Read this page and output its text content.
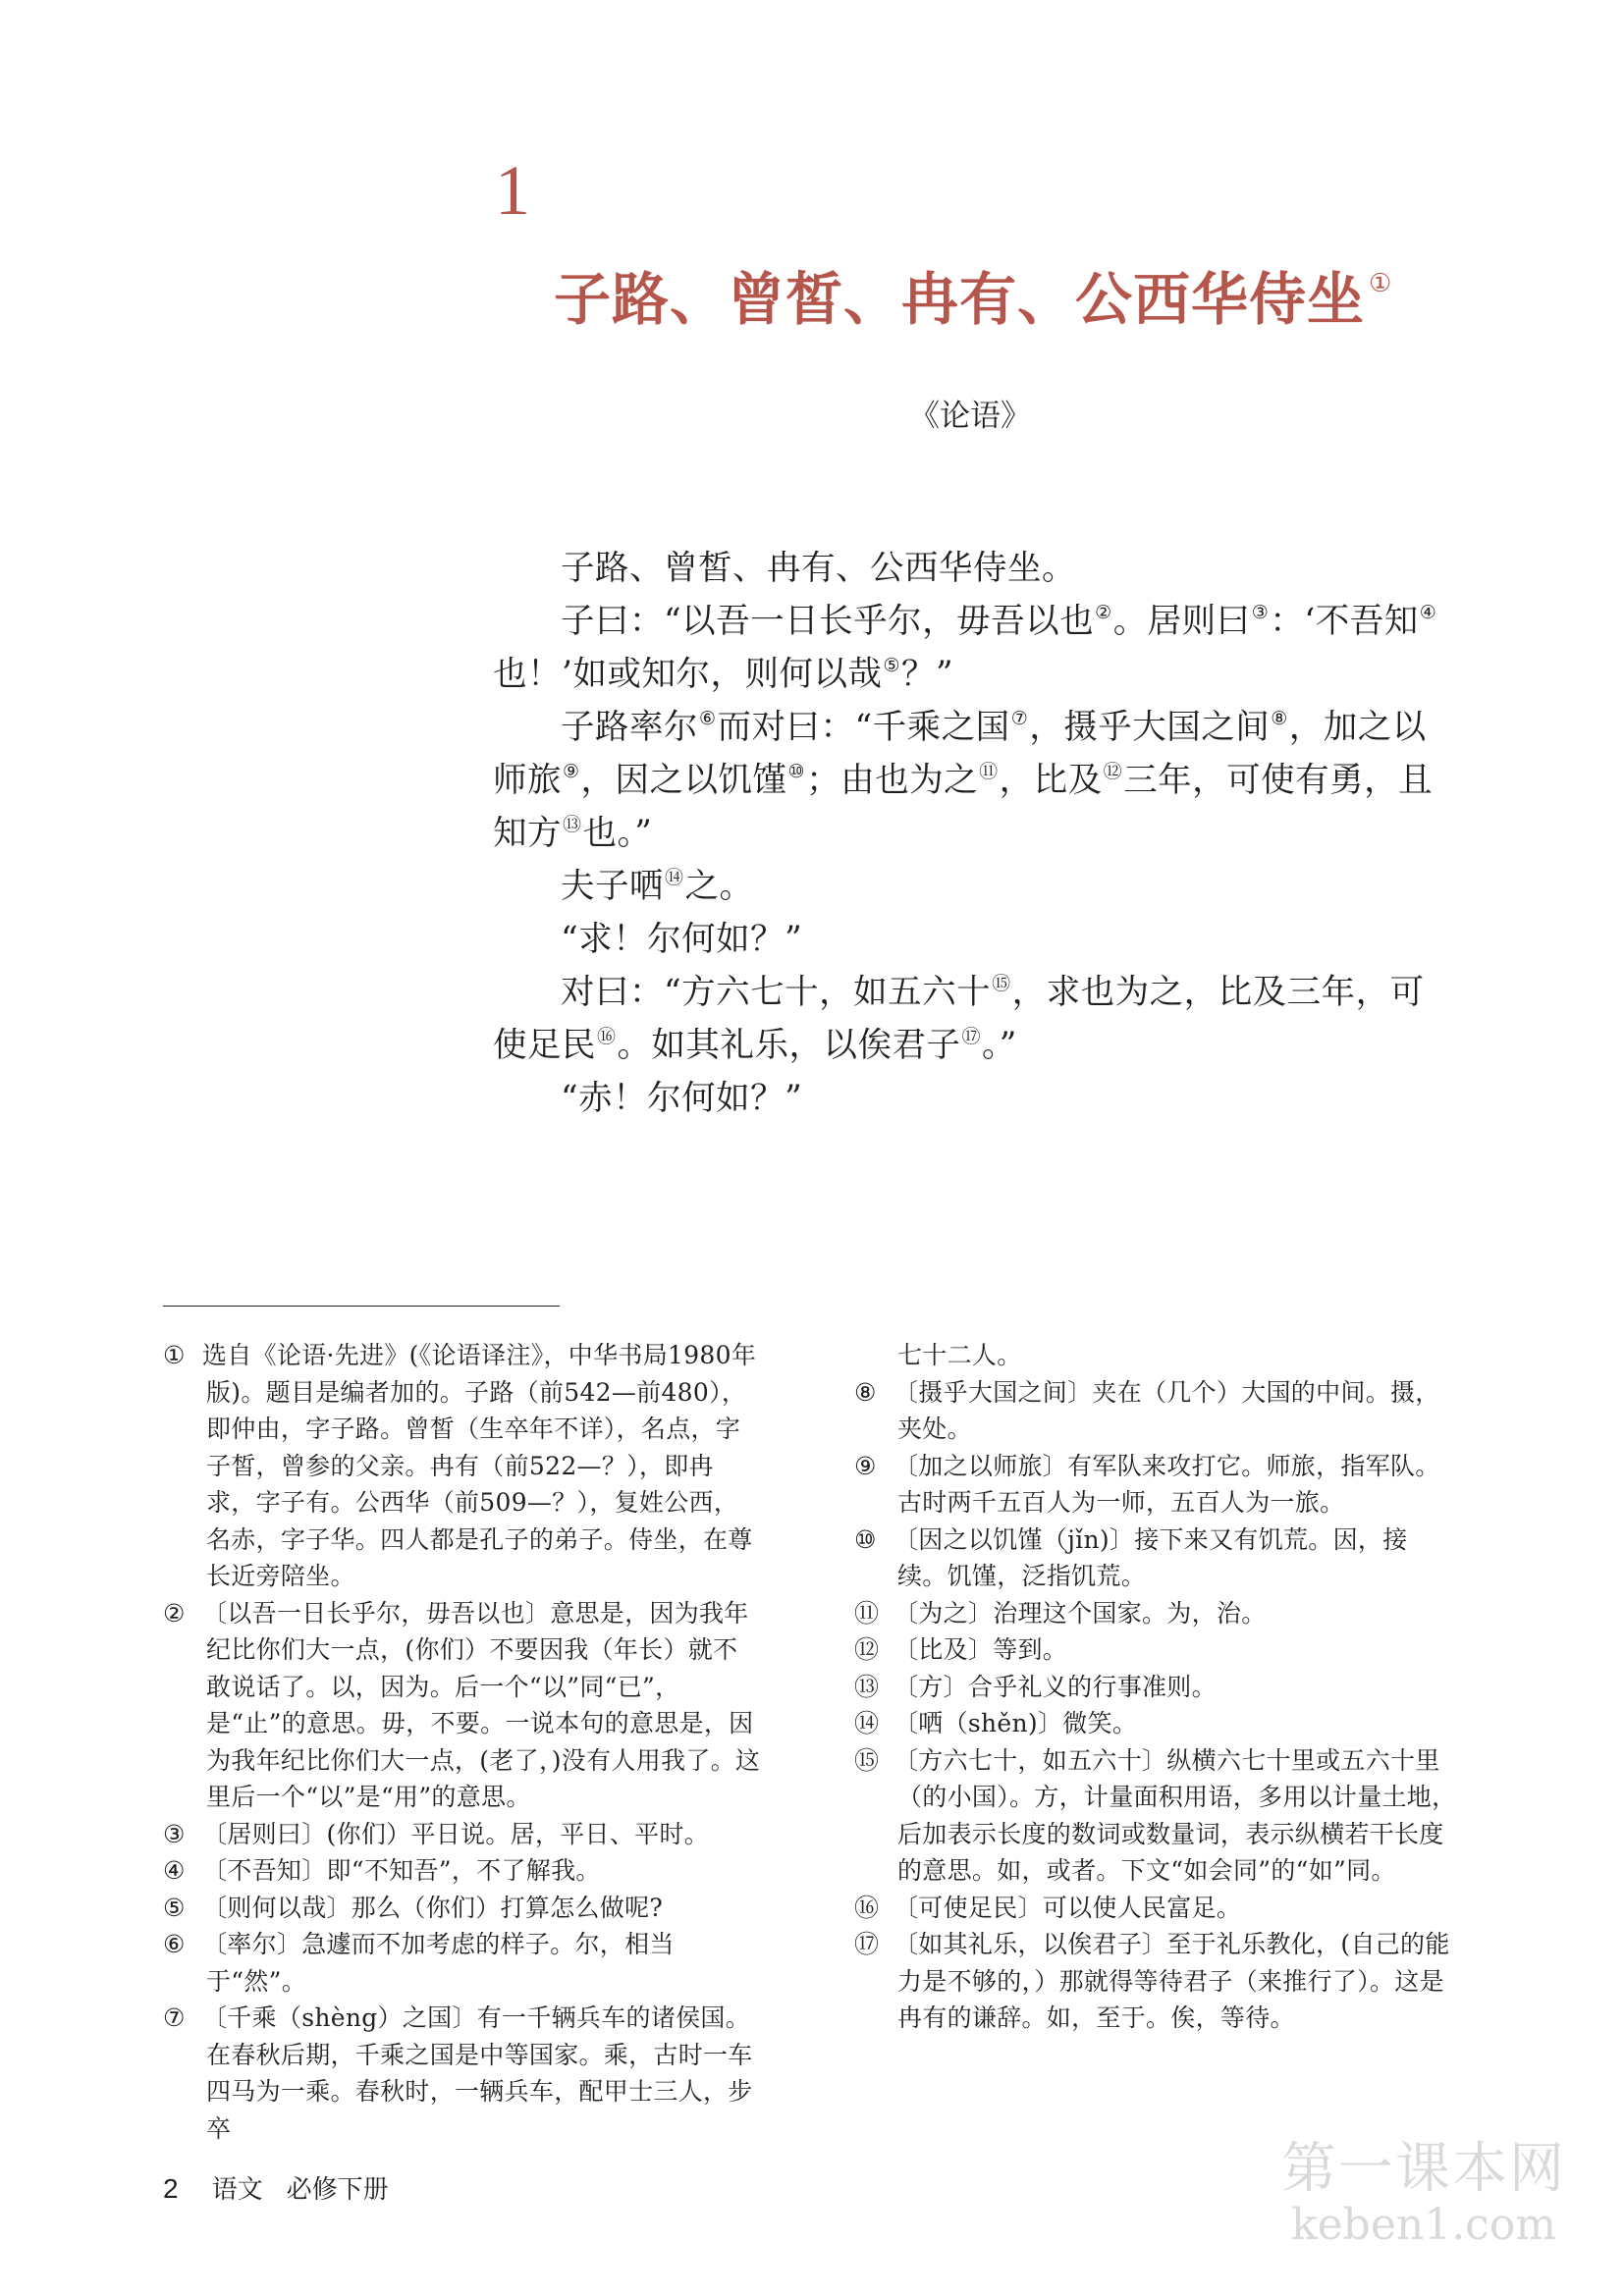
1
子路、曾皙、冉有、公西华侍坐 ①
《论语》

子路、曾皙、冉有、公西华侍坐。

子曰：“以吾一日长乎尔，毋吾以也②。居则曰③：‘不吾知④也！’如或知尔，则何以哉⑤？”

子路率尔⑥而对曰：“千乘之国⑦，摄乎大国之间⑧，加之以师旅⑨，因之以饥馑⑩；由也为之⑪，比及⑫三年，可使有勇，且知方⑬也。”

夫子哂⑭之。

“求！尔何如？”

对曰：“方六七十，如五六十⑮，求也为之，比及三年，可使足民⑯。如其礼乐，以俟君子⑰。”

“赤！尔何如？”

① 选自《论语·先进》(《论语译注》，中华书局1980年版)。题目是编者加的。子路（前542—前480），即仲由，字子路。曾皙（生卒年不详），名点，字子皙，曾参的父亲。冉有（前522—？），即冉求，字子有。公西华（前509—？），复姓公西，名赤，字子华。四人都是孔子的弟子。侍坐，在尊长近旁陪坐。

② 〔以吾一日长乎尔，毋吾以也〕意思是，因为我年纪比你们大一点，(你们）不要因我（年长）就不敢说话了。以，因为。后一个“以”同“已”，是“止”的意思。毋，不要。一说本句的意思是，因为我年纪比你们大一点，(老了，)没有人用我了。这里后一个“以”是“用”的意思。

③ 〔居则曰〕(你们）平日说。居，平日、平时。

④ 〔不吾知〕即“不知吾”，不了解我。

⑤ 〔则何以哉〕那么（你们）打算怎么做呢?

⑥ 〔率尔〕急遽而不加考虑的样子。尔，相当于“然”。

⑦ 〔千乘（shèng）之国〕有一千辆兵车的诸侯国。在春秋后期，千乘之国是中等国家。乘，古时一车四马为一乘。春秋时，一辆兵车，配甲士三人，步卒

七十二人。

⑧ 〔摄乎大国之间〕夹在（几个）大国的中间。摄，夹处。

⑨ 〔加之以师旅〕有军队来攻打它。师旅，指军队。古时两千五百人为一师，五百人为一旅。

⑩ 〔因之以饥馑（jǐn)〕接下来又有饥荒。因，接续。饥馑，泛指饥荒。

⑪ 〔为之〕治理这个国家。为，治。

⑫ 〔比及〕等到。

⑬ 〔方〕合乎礼义的行事准则。

⑭ 〔哂（shěn)〕微笑。

⑮ 〔方六七十，如五六十〕纵横六七十里或五六十里（的小国）。方，计量面积用语，多用以计量土地，后加表示长度的数词或数量词，表示纵横若干长度的意思。如，或者。下文“如会同”的“如”同。

⑯ 〔可使足民〕可以使人民富足。

⑰ 〔如其礼乐，以俟君子〕至于礼乐教化，(自己的能力是不够的，）那就得等待君子（来推行了）。这是冉有的谦辞。如，至于。俟，等待。

2 语文 必修下册	第一课本网
keben1.com
